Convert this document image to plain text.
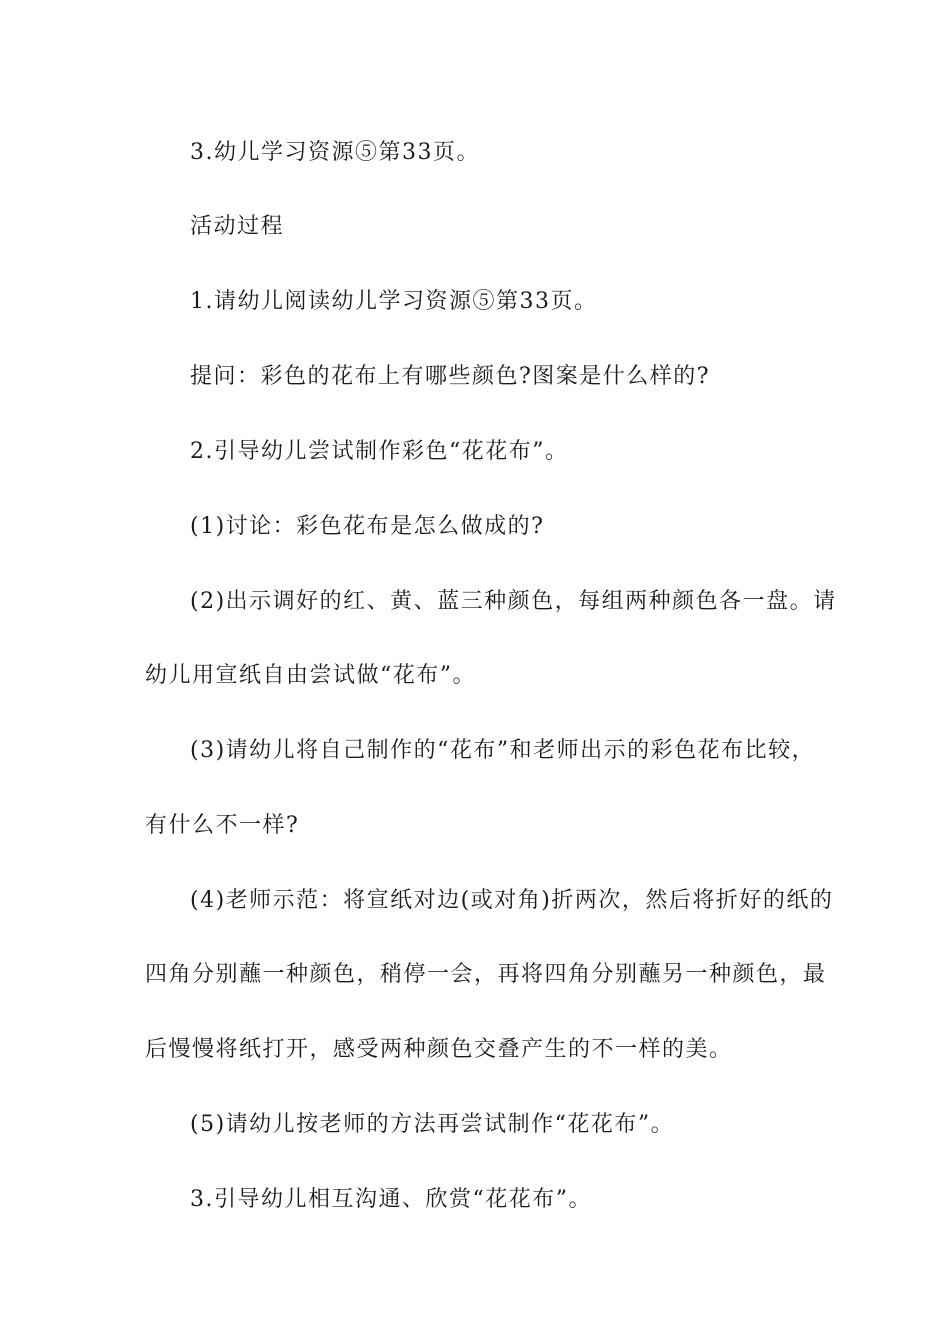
3.幼儿学习资源⑤第33页。
活动过程
1.请幼儿阅读幼儿学习资源⑤第33页。
提问：彩色的花布上有哪些颜色?图案是什么样的?
2.引导幼儿尝试制作彩色“花花布”。
(1)讨论：彩色花布是怎么做成的?
(2)出示调好的红、黄、蓝三种颜色，每组两种颜色各一盘。请
幼儿用宣纸自由尝试做“花布”。
(3)请幼儿将自己制作的“花布”和老师出示的彩色花布比较，
有什么不一样?
(4)老师示范：将宣纸对边(或对角)折两次，然后将折好的纸的
四角分别蘸一种颜色，稍停一会，再将四角分别蘸另一种颜色，最
后慢慢将纸打开，感受两种颜色交叠产生的不一样的美。
(5)请幼儿按老师的方法再尝试制作“花花布”。
3.引导幼儿相互沟通、欣赏“花花布”。
